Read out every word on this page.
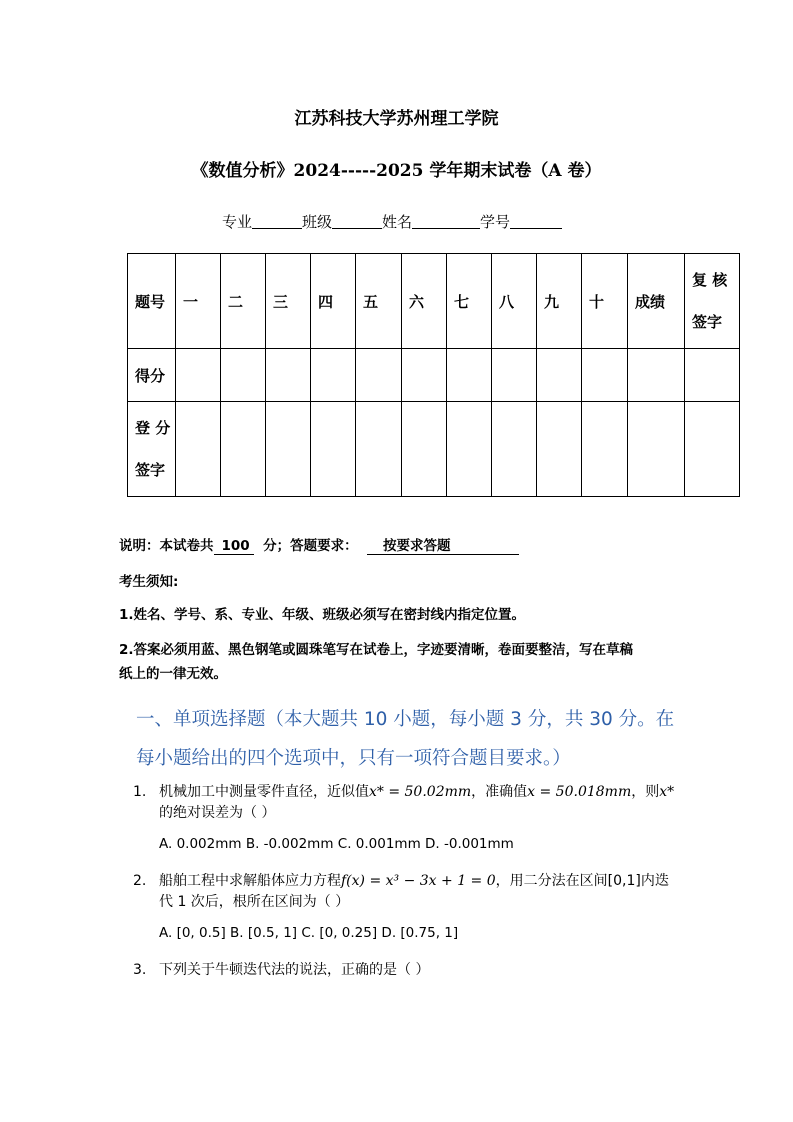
江苏科技大学苏州理工学院
《数值分析》2024-----2025 学年期末试卷（A 卷）
专业	班级	姓名	学号
题号	一	二	三	四	五	六	七	八	九	十	成绩	复 核
签字

得分												

登 分
签字												

说明：本试卷共 100 分；答题要求： 按要求答题
考生须知:
1.姓名、学号、系、专业、年级、班级必须写在密封线内指定位置。
2.答案必须用蓝、黑色钢笔或圆珠笔写在试卷上，字迹要清晰，卷面要整洁，写在草稿
纸上的一律无效。
一、单项选择题（本大题共 10 小题，每小题 3 分，共 30 分。在
每小题给出的四个选项中，只有一项符合题目要求。）
1. 机械加工中测量零件直径，近似值x* = 50.02mm，准确值x = 50.018mm，则x*
的绝对误差为（ ）
A. 0.002mm B. -0.002mm C. 0.001mm D. -0.001mm
2. 船舶工程中求解船体应力方程f(x) = x³ − 3x + 1 = 0，用二分法在区间[0,1]内迭
代 1 次后，根所在区间为（ ）
A. [0, 0.5] B. [0.5, 1] C. [0, 0.25] D. [0.75, 1]
3. 下列关于牛顿迭代法的说法，正确的是（ ）
